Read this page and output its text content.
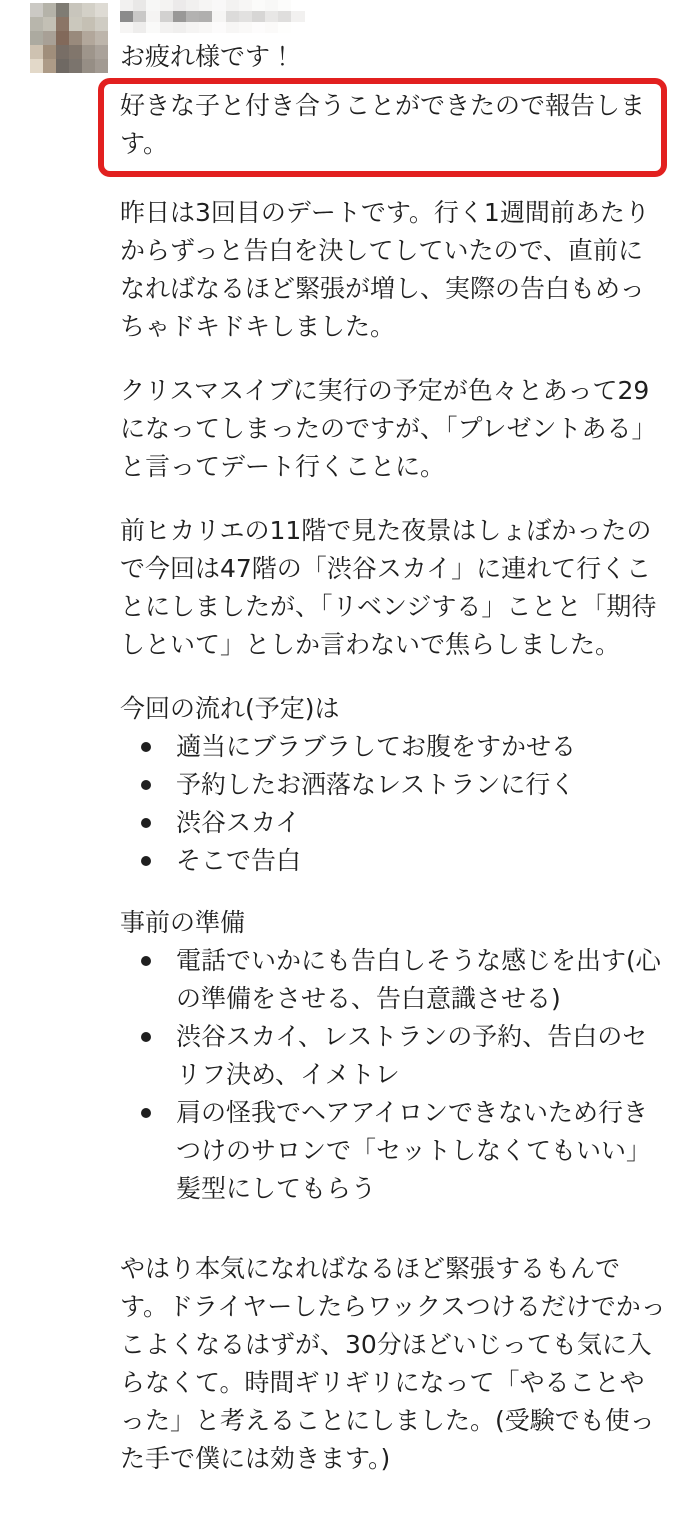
お疲れ様です！
好きな子と付き合うことができたので報告します。

昨日は3回目のデートです。行く1週間前あたりからずっと告白を決してしていたので、直前になればなるほど緊張が増し、実際の告白もめっちゃドキドキしました。

クリスマスイブに実行の予定が色々とあって29になってしまったのですが、「プレゼントある」と言ってデート行くことに。

前ヒカリエの11階で見た夜景はしょぼかったので今回は47階の「渋谷スカイ」に連れて行くことにしましたが、「リベンジする」ことと「期待しといて」としか言わないで焦らしました。

今回の流れ(予定)は
適当にブラブラしてお腹をすかせる
予約したお洒落なレストランに行く
渋谷スカイ
そこで告白
事前の準備
電話でいかにも告白しそうな感じを出す(心の準備をさせる、告白意識させる)
渋谷スカイ、レストランの予約、告白のセリフ決め、イメトレ
肩の怪我でヘアアイロンできないため行きつけのサロンで「セットしなくてもいい」髪型にしてもらう

やはり本気になればなるほど緊張するもんです。ドライヤーしたらワックスつけるだけでかっこよくなるはずが、30分ほどいじっても気に入らなくて。時間ギリギリになって「やることやった」と考えることにしました。(受験でも使った手で僕には効きます。)
